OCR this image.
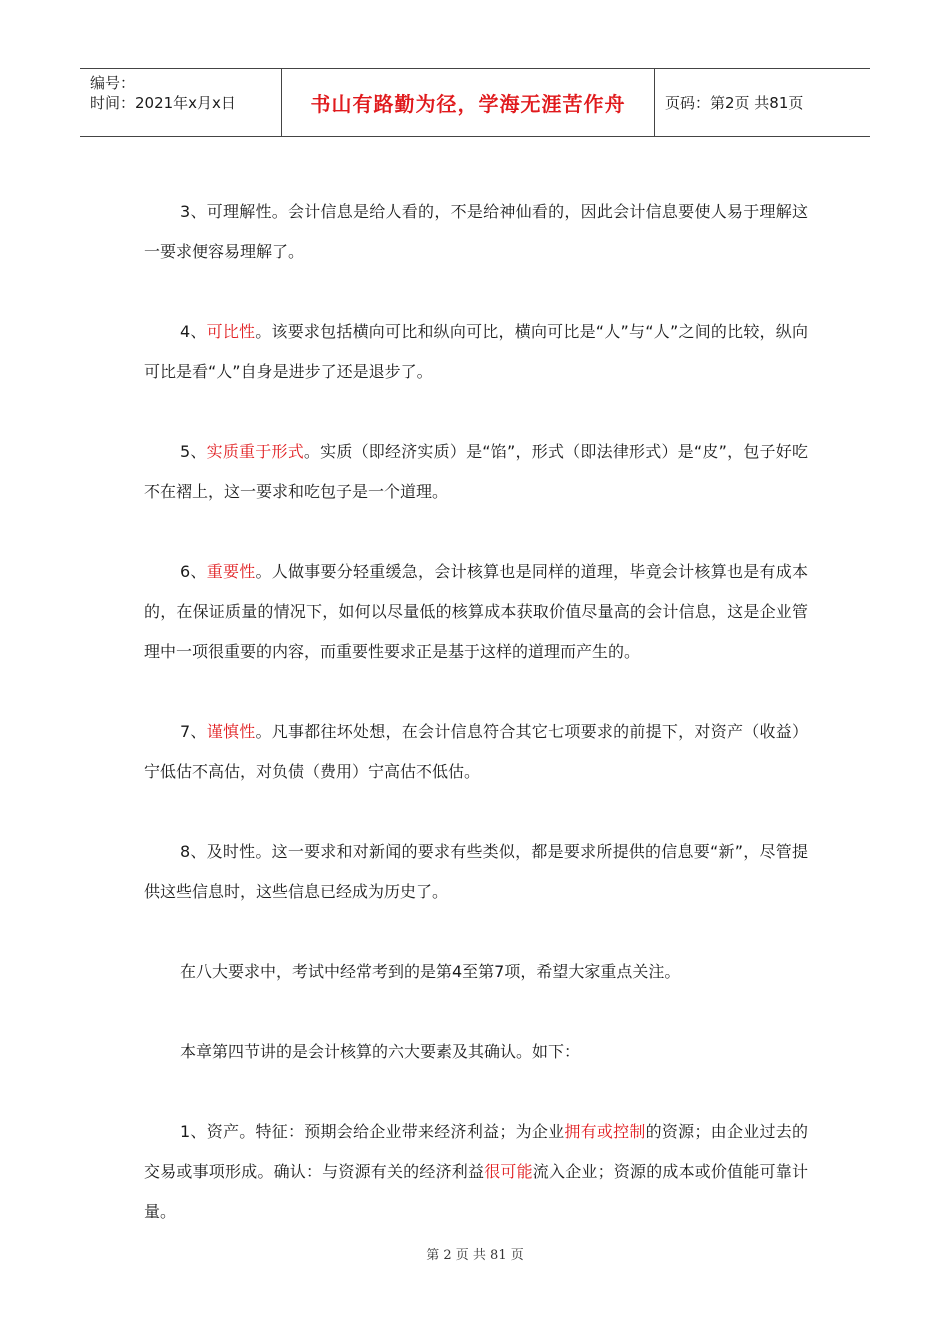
编号：
时间：2021年x月x日	书山有路勤为径，学海无涯苦作舟	页码：第2页 共81页

3、可理解性。会计信息是给人看的，不是给神仙看的，因此会计信息要使人易于理解这一要求便容易理解了。

4、可比性。该要求包括横向可比和纵向可比，横向可比是“人”与“人”之间的比较，纵向可比是看“人”自身是进步了还是退步了。

5、实质重于形式。实质（即经济实质）是“馅”，形式（即法律形式）是“皮”，包子好吃不在褶上，这一要求和吃包子是一个道理。

6、重要性。人做事要分轻重缓急，会计核算也是同样的道理，毕竟会计核算也是有成本的，在保证质量的情况下，如何以尽量低的核算成本获取价值尽量高的会计信息，这是企业管理中一项很重要的内容，而重要性要求正是基于这样的道理而产生的。

7、谨慎性。凡事都往坏处想，在会计信息符合其它七项要求的前提下，对资产（收益）宁低估不高估，对负债（费用）宁高估不低估。

8、及时性。这一要求和对新闻的要求有些类似，都是要求所提供的信息要“新”，尽管提供这些信息时，这些信息已经成为历史了。

在八大要求中，考试中经常考到的是第4至第7项，希望大家重点关注。

本章第四节讲的是会计核算的六大要素及其确认。如下：

1、资产。特征：预期会给企业带来经济利益；为企业拥有或控制的资源；由企业过去的交易或事项形成。确认：与资源有关的经济利益很可能流入企业；资源的成本或价值能可靠计量。

第 2 页 共 81 页
